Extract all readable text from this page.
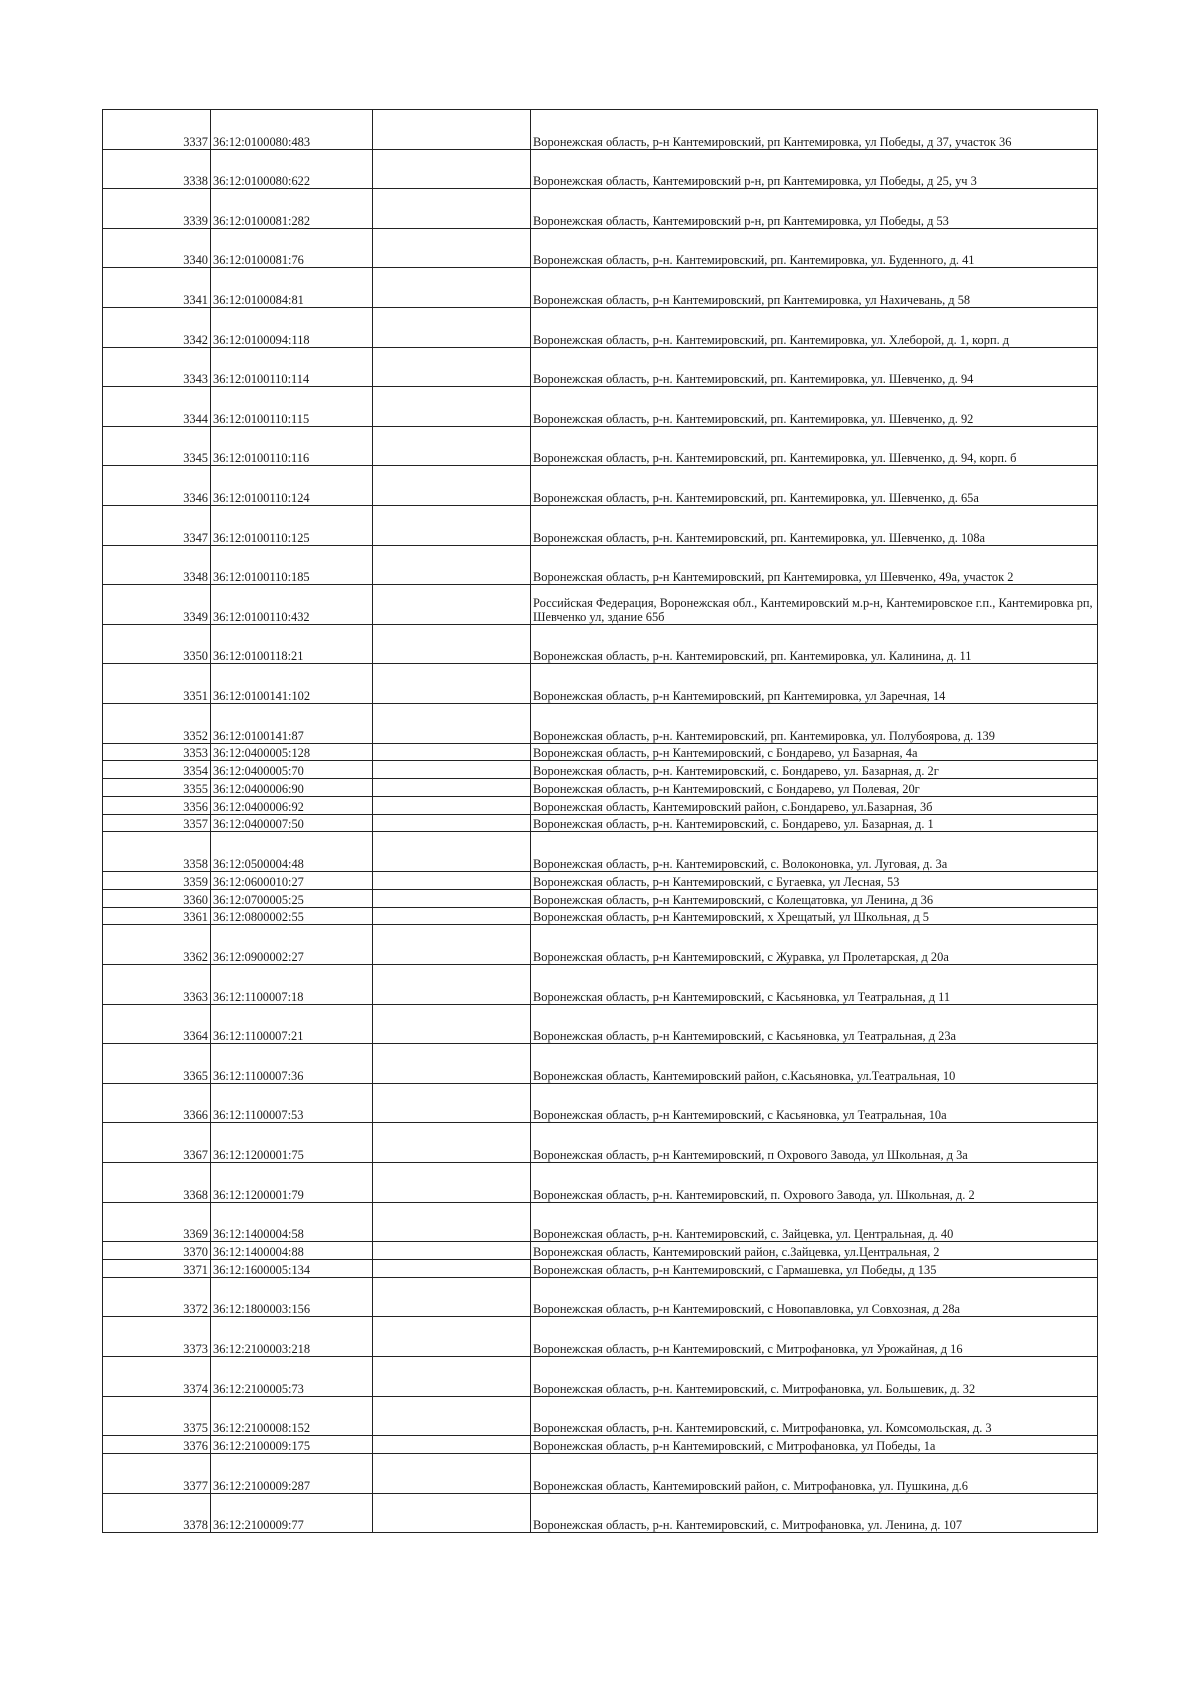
3337	36:12:0100080:483		Воронежская область, р-н Кантемировский, рп Кантемировка, ул Победы, д 37, участок 36
3338	36:12:0100080:622		Воронежская область, Кантемировский р-н, рп Кантемировка, ул Победы, д 25, уч 3
3339	36:12:0100081:282		Воронежская область, Кантемировский р-н, рп Кантемировка, ул Победы, д 53
3340	36:12:0100081:76		Воронежская область, р-н. Кантемировский, рп. Кантемировка, ул. Буденного, д. 41
3341	36:12:0100084:81		Воронежская область, р-н Кантемировский, рп Кантемировка, ул Нахичевань, д 58
3342	36:12:0100094:118		Воронежская область, р-н. Кантемировский, рп. Кантемировка, ул. Хлеборой, д. 1, корп. д
3343	36:12:0100110:114		Воронежская область, р-н. Кантемировский, рп. Кантемировка, ул. Шевченко, д. 94
3344	36:12:0100110:115		Воронежская область, р-н. Кантемировский, рп. Кантемировка, ул. Шевченко, д. 92
3345	36:12:0100110:116		Воронежская область, р-н. Кантемировский, рп. Кантемировка, ул. Шевченко, д. 94, корп. б
3346	36:12:0100110:124		Воронежская область, р-н. Кантемировский, рп. Кантемировка, ул. Шевченко, д. 65а
3347	36:12:0100110:125		Воронежская область, р-н. Кантемировский, рп. Кантемировка, ул. Шевченко, д. 108а
3348	36:12:0100110:185		Воронежская область, р-н Кантемировский, рп Кантемировка, ул Шевченко, 49а, участок 2
3349	36:12:0100110:432		Российская Федерация, Воронежская обл., Кантемировский м.р-н, Кантемировское г.п., Кантемировка рп, Шевченко ул, здание 65б
3350	36:12:0100118:21		Воронежская область, р-н. Кантемировский, рп. Кантемировка, ул. Калинина, д. 11
3351	36:12:0100141:102		Воронежская область, р-н Кантемировский, рп Кантемировка, ул Заречная, 14
3352	36:12:0100141:87		Воронежская область, р-н. Кантемировский, рп. Кантемировка, ул. Полубоярова, д. 139
3353	36:12:0400005:128		Воронежская область, р-н Кантемировский, с Бондарево, ул Базарная, 4а
3354	36:12:0400005:70		Воронежская область, р-н. Кантемировский, с. Бондарево, ул. Базарная, д. 2г
3355	36:12:0400006:90		Воронежская область, р-н Кантемировский, с Бондарево, ул Полевая, 20г
3356	36:12:0400006:92		Воронежская область, Кантемировский район, с.Бондарево, ул.Базарная, 3б
3357	36:12:0400007:50		Воронежская область, р-н. Кантемировский, с. Бондарево, ул. Базарная, д. 1
3358	36:12:0500004:48		Воронежская область, р-н. Кантемировский, с. Волоконовка, ул. Луговая, д. 3а
3359	36:12:0600010:27		Воронежская область, р-н Кантемировский, с Бугаевка, ул Лесная, 53
3360	36:12:0700005:25		Воронежская область, р-н Кантемировский, с Колещатовка, ул Ленина, д 36
3361	36:12:0800002:55		Воронежская область, р-н Кантемировский, х Хрещатый, ул Школьная, д 5
3362	36:12:0900002:27		Воронежская область, р-н Кантемировский, с Журавка, ул Пролетарская, д 20а
3363	36:12:1100007:18		Воронежская область, р-н Кантемировский, с Касьяновка, ул Театральная, д 11
3364	36:12:1100007:21		Воронежская область, р-н Кантемировский, с Касьяновка, ул Театральная, д 23а
3365	36:12:1100007:36		Воронежская область, Кантемировский район, с.Касьяновка, ул.Театральная, 10
3366	36:12:1100007:53		Воронежская область, р-н Кантемировский, с Касьяновка, ул Театральная, 10а
3367	36:12:1200001:75		Воронежская область, р-н Кантемировский, п Охрового Завода, ул Школьная, д 3а
3368	36:12:1200001:79		Воронежская область, р-н. Кантемировский, п. Охрового Завода, ул. Школьная, д. 2
3369	36:12:1400004:58		Воронежская область, р-н. Кантемировский, с. Зайцевка, ул. Центральная, д. 40
3370	36:12:1400004:88		Воронежская область, Кантемировский район, с.Зайцевка, ул.Центральная, 2
3371	36:12:1600005:134		Воронежская область, р-н Кантемировский, с Гармашевка, ул Победы, д 135
3372	36:12:1800003:156		Воронежская область, р-н Кантемировский, с Новопавловка, ул Совхозная, д 28а
3373	36:12:2100003:218		Воронежская область, р-н Кантемировский, с Митрофановка, ул Урожайная, д 16
3374	36:12:2100005:73		Воронежская область, р-н. Кантемировский, с. Митрофановка, ул. Большевик, д. 32
3375	36:12:2100008:152		Воронежская область, р-н. Кантемировский, с. Митрофановка, ул. Комсомольская, д. 3
3376	36:12:2100009:175		Воронежская область, р-н Кантемировский, с Митрофановка, ул Победы, 1а
3377	36:12:2100009:287		Воронежская область, Кантемировский район, с. Митрофановка, ул. Пушкина, д.6
3378	36:12:2100009:77		Воронежская область, р-н. Кантемировский, с. Митрофановка, ул. Ленина, д. 107
